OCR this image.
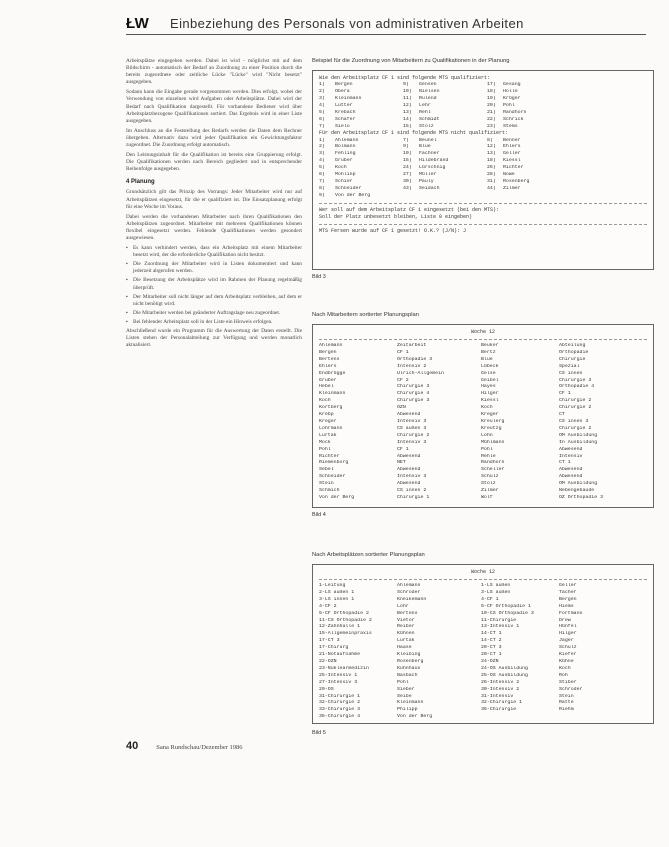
ŁW	Einbeziehung des Personals von administrativen Arbeiten

Arbeitsplätze eingegeben werden. Dabei ist wird - möglichst mit auf dem Bildschirm - automatisch der Bedarf an Zuordnung zu einer Position durch die bereits zugeordnete oder zeitliche Lücke "Lücke" wird "Nicht besetzt" ausgegeben.

Sodann kann die Eingabe gerade vorgenommen werden. Dies erfolgt, wobei der Verwendung von einzelnen wird Aufgaben oder Arbeitsplätze. Dabei wird der Bedarf nach Qualifikation dargestellt. Für vorhandene Bediener wird über Arbeitsplatzbezogene Qualifikationen sortiert. Das Ergebnis wird in einer Liste ausgegeben.

Im Anschluss an die Feststellung des Bedarfs werden die Daten dem Rechner übergeben. Alternativ dazu wird jeder Qualifikation ein Gewichtungsfaktor zugeordnet. Die Zuordnung erfolgt automatisch.

Den Leistungsinhalt für die Qualifikation ist bereits eine Gruppierung erfolgt. Die Qualifikationen werden nach Bereich gegliedert und in entsprechender Reihenfolge ausgegeben.

4 Planung

Grundsätzlich gilt das Prinzip des Vorrangs: Jeder Mitarbeiter wird nur auf Arbeitsplätzen eingesetzt, für die er qualifiziert ist. Die Einsatzplanung erfolgt für eine Woche im Voraus.

Dabei werden die vorhandenen Mitarbeiter nach ihren Qualifikationen den Arbeitsplätzen zugeordnet. Mitarbeiter mit mehreren Qualifikationen können flexibel eingesetzt werden. Fehlende Qualifikationen werden gesondert ausgewiesen.

▪ Es kann verhindert werden, dass ein Arbeitsplatz mit einem Mitarbeiter besetzt wird, der die erforderliche Qualifikation nicht besitzt.
▪ Die Zuordnung der Mitarbeiter wird in Listen dokumentiert und kann jederzeit abgerufen werden.
▪ Die Besetzung der Arbeitsplätze wird im Rahmen der Planung regelmäßig überprüft.
▪ Der Mitarbeiter soll nicht länger auf dem Arbeitsplatz verbleiben, auf dem er nicht benötigt wird.
▪ Die Mitarbeiter werden bei geänderter Auftragslage neu zugeordnet.
▪ Bei fehlender Arbeitsplatz soll in der Liste ein Hinweis erfolgen.

Abschließend wurde ein Programm für die Auswertung der Daten erstellt. Die Listen stehen der Personalabteilung zur Verfügung und werden monatlich aktualisiert.

Beispiel für die Zuordnung von Mitarbeitern zu Qualifikationen in der Planung
Wie den Arbeitsplatz CF 1 sind folgende MTS qualifiziert:
1)	Bergen	9)	Gensen	17)	Gesang
2)	Obera	10)	Nielsen	18)	Hölle
3)	Kleinmann	11)	Rulend	19)	Krüger
4)	Lutter	12)	Lehr	20)	Pohl
5)	Krebach	13)	Rehl	21)	Randhorn
6)	Schäfer	14)	Schmidt	22)	Schrick
7)	Sielo	15)	Stolz	23)	Stems
Für den Arbeitsplatz CF 1 sind folgende MTS nicht qualifiziert:
1)	Ahlemann	7)	Beunel	8)	Benner
2)	Bolmann	9)	Blue	12)	Ehlers
3)	Fehling	10)	Fachner	13)	Geller
4)	Gruber	15)	Hildebrand	18)	Kiessl
5)	Koch	24)	Lürschnig	26)	Richter
6)	Möhlinp	27)	Müller	28)	Nowe
7)	Schier	30)	Pauly	31)	Rosenberg
8)	Schneider	43)	Seidach	44)	Zilmer
9)	Von der Berg
Wer soll auf dem Arbeitsplatz CF 1 eingesetzt (bei den MTS):
Soll der Platz unbesetzt bleiben, Liste 0 eingeben)
MTS Fersen wurde auf CF 1 gesetzt! O.K.? (J/N): J
Bild 3
Nach Mitarbeitern sortierter Planungsplan
Woche 12
Ahlemann	Zeitarbeit	Beuker	Abteilung
Bergen	CF 1	Bertz	Orthopädie
Bertens	Orthopädie 3	Blue	Chirurgie
Ehlers	Intensiv 2	Lübeck	Spezial
Endbrügge	Ulrich-Allgemein	Gelse	CS innen
Gruber	CF 2	Geibel	Chirurgie 3
Hebel	Chirurgie 3	Hayes	Orthopädie 4
Kleinmann	Chirurgie 4	Hilger	CF 1
Koch	Chirurgie 3	Kiessl	Chirurgie 2
Kortberg	OZN	Koch	Chirurgie 2
Krebp	Abwesend	Kreger	CT
Kreger	Intensiv 3	Kreulerg	CS innen 3
Lohrmann	CS außen 3	Kreutzg	Chirurgie 2
Lurtak	Chirurgie 2	Lohn	OM Ausbildung
Mock	Intensiv 3	Mühlmann	In Ausbildung
Pohl	CF 1	Pohl	Abwesend
Richter	Abwesend	Rehle	Intensiv
Riemenborg	NET	Randhorn	CT 1
Sebel	Abwesend	Scheller	Abwesend
Schneider	Intensiv 3	Schulz	Abwesend
Stein	Abwesend	Stolz	OM Ausbildung
Schmich	CS innen 2	Zilmer	Nebengebäude
Von der Berg	Chirurgie 1	Wolf	OZ Orthopädie 3
Bild 4
Nach Arbeitsplätzen sortierter Planungsplan
Woche 12
1-Leitung	Ahlemann	1-LS außen	Geller
2-LS außen 1	Schröder	3-LS außen	Tacher
3-LS innen 1	Kneikemann	4-CF 1	Bergen
4-CF 2	Lohr	5-CF Orthopädie 1	Hiems
5-CF Orthopädie 2	Bertens	10-CS Orthopädie 3	Fortmann
11-CS Orthopädie 2	Vietor	11-Chirurgie	Drew
12-Zahnhalle 1	Reiber	13-Intensiv 1	Hünfel
15-Allgemeinpraxis	Kühnen	14-CT 1	Hilger
17-CT 3	Lurtak	14-CT 2	Jäger
17-Chirurg	Haase	20-CT 3	Schulz
21-Notaufnahme	Kleibing	20-CT 1	Kiefer
22-OZN	Rosenberg	24-OZN	Kühne
23-Nuklearmedizin	Kuhnhaus	24-OS Ausbildung	Koch
25-Intensiv 1	Nasbach	25-OS Ausbildung	Roh
27-Intensiv 3	Pohl	26-Intensiv 2	Stiber
29-OS	Sieber	30-Intensiv 2	Schröder
31-Chirurgie 1	Seibe	31-Intensiv	Stein
32-Chirurgie 2	Kleinmann	32-Chirurgie 1	Ratte
33-Chirurgie 3	Philipp	36-Chirurgie	Riehm
35-Chirurgie 4	Von der Berg
Bild 5
40	Sana Rundschau/Dezember 1986
